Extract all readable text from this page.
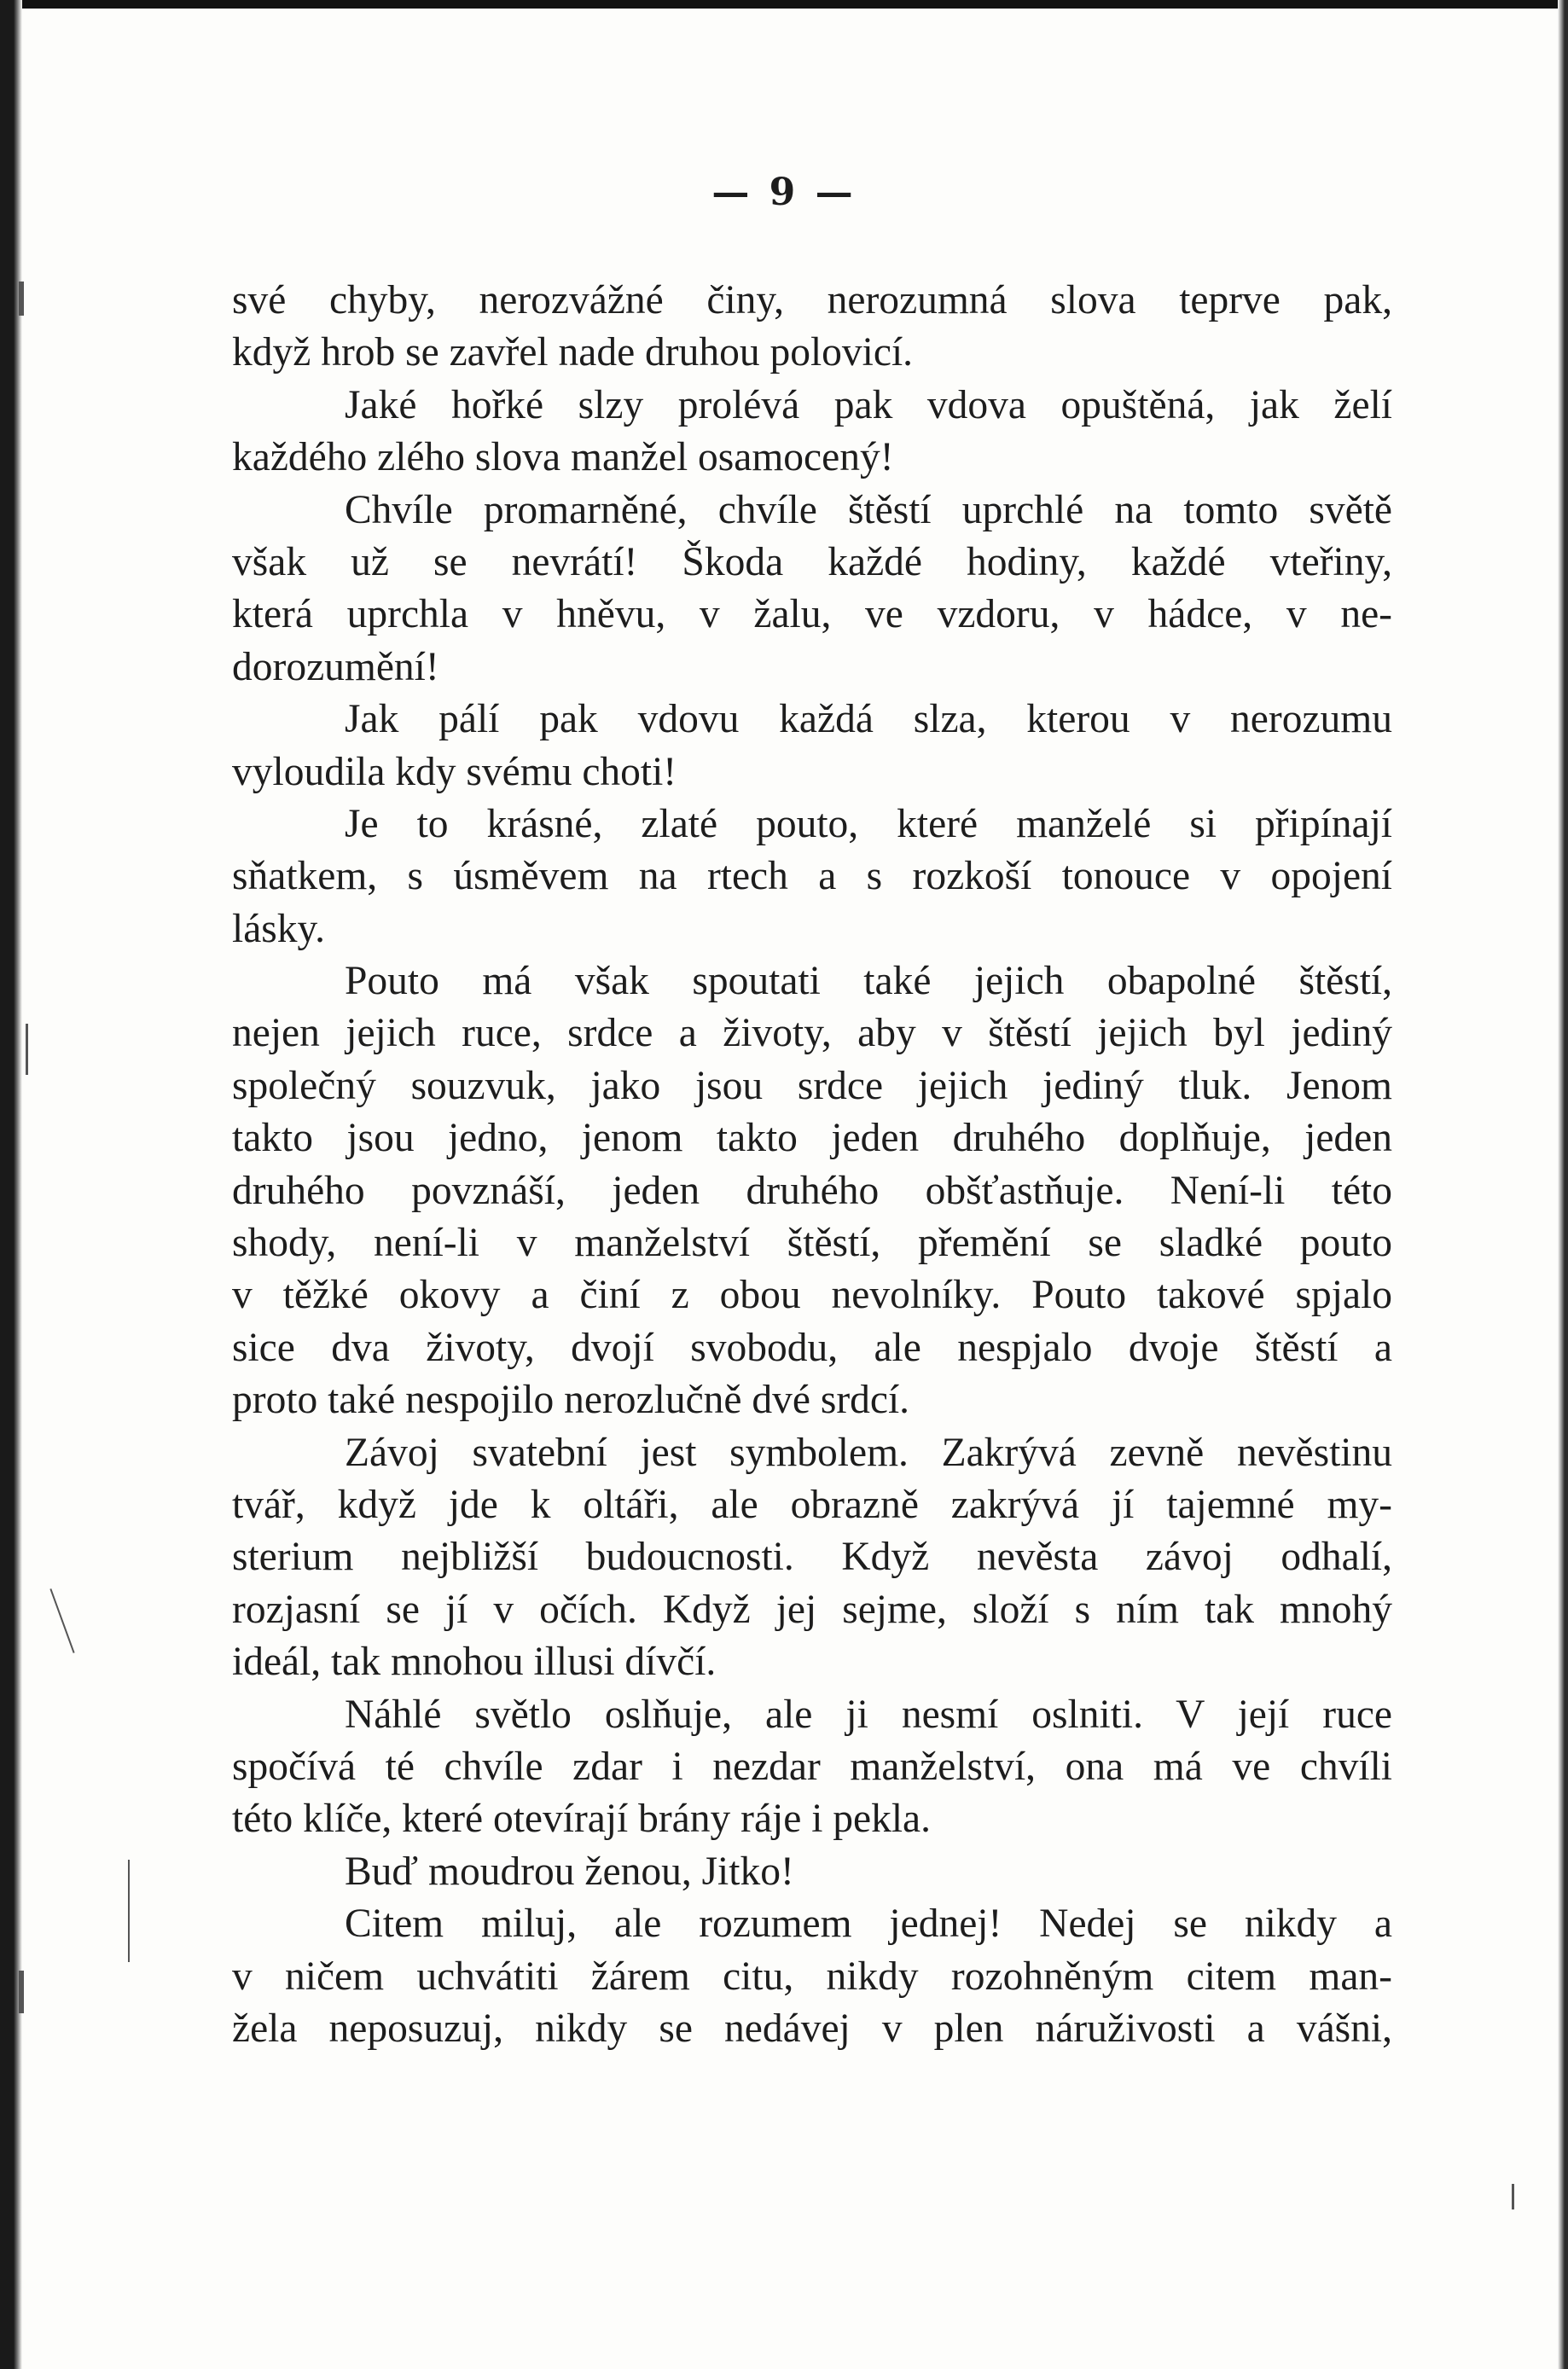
— 9 —
své chyby, nerozvážné činy, nerozumná slova teprve pak,
když hrob se zavřel nade druhou polovicí.
Jaké hořké slzy prolévá pak vdova opuštěná, jak želí
každého zlého slova manžel osamocený!
Chvíle promarněné, chvíle štěstí uprchlé na tomto světě
však už se nevrátí! Škoda každé hodiny, každé vteřiny,
která uprchla v hněvu, v žalu, ve vzdoru, v hádce, v ne-
dorozumění!
Jak pálí pak vdovu každá slza, kterou v nerozumu
vyloudila kdy svému choti!
Je to krásné, zlaté pouto, které manželé si připínají
sňatkem, s úsměvem na rtech a s rozkoší tonouce v opojení
lásky.
Pouto má však spoutati také jejich obapolné štěstí,
nejen jejich ruce, srdce a životy, aby v štěstí jejich byl jediný
společný souzvuk, jako jsou srdce jejich jediný tluk. Jenom
takto jsou jedno, jenom takto jeden druhého doplňuje, jeden
druhého povznáší, jeden druhého obšťastňuje. Není-li této
shody, není-li v manželství štěstí, přemění se sladké pouto
v těžké okovy a činí z obou nevolníky. Pouto takové spjalo
sice dva životy, dvojí svobodu, ale nespjalo dvoje štěstí a
proto také nespojilo nerozlučně dvé srdcí.
Závoj svatební jest symbolem. Zakrývá zevně nevěstinu
tvář, když jde k oltáři, ale obrazně zakrývá jí tajemné my-
sterium nejbližší budoucnosti. Když nevěsta závoj odhalí,
rozjasní se jí v očích. Když jej sejme, složí s ním tak mnohý
ideál, tak mnohou illusi dívčí.
Náhlé světlo oslňuje, ale ji nesmí oslniti. V její ruce
spočívá té chvíle zdar i nezdar manželství, ona má ve chvíli
této klíče, které otevírají brány ráje i pekla.
Buď moudrou ženou, Jitko!
Citem miluj, ale rozumem jednej! Nedej se nikdy a
v ničem uchvátiti žárem citu, nikdy rozohněným citem man-
žela neposuzuj, nikdy se nedávej v plen náruživosti a vášni,
